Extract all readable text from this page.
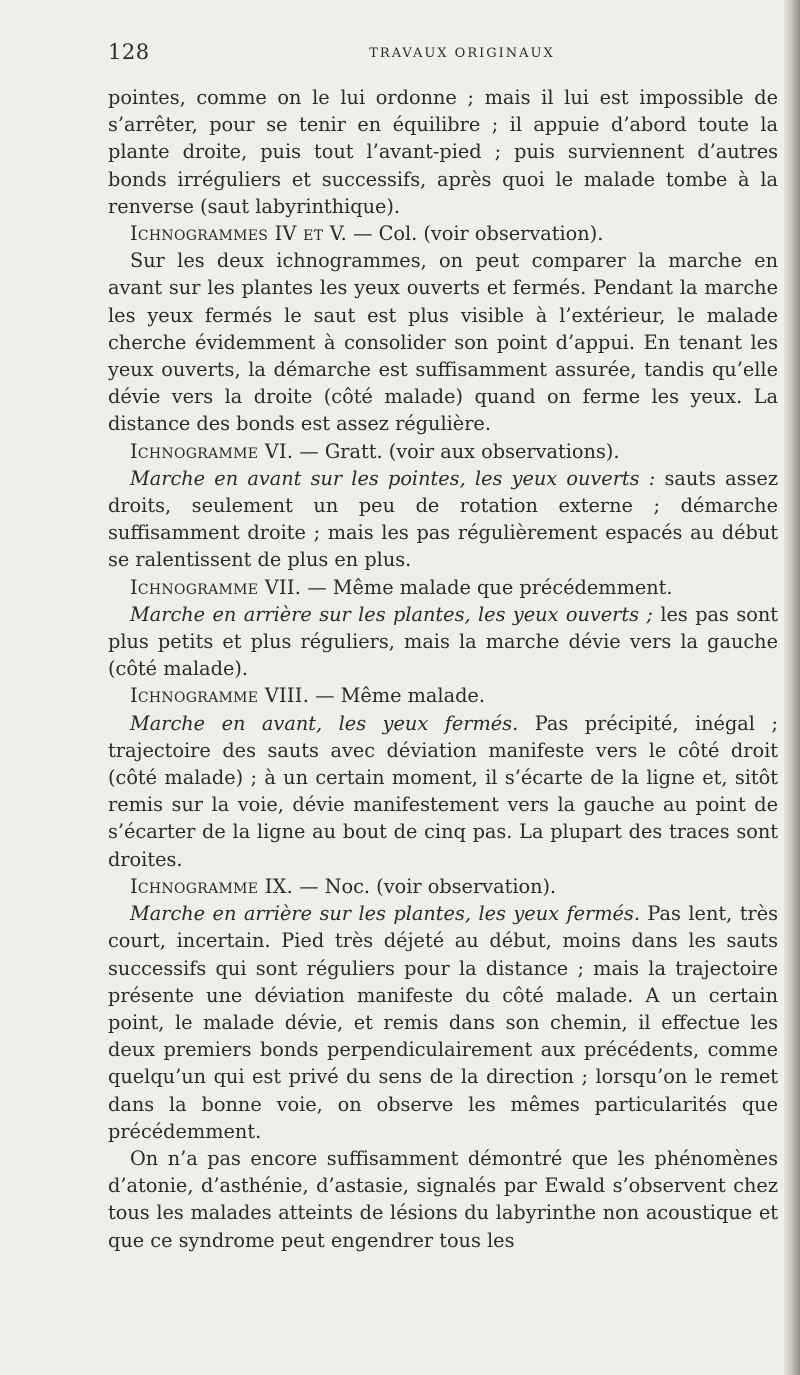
128	TRAVAUX ORIGINAUX

pointes, comme on le lui ordonne ; mais il lui est impossible de s’arrêter, pour se tenir en équilibre ; il appuie d’abord toute la plante droite, puis tout l’avant-pied ; puis surviennent d’autres bonds irréguliers et successifs, après quoi le malade tombe à la renverse (saut labyrinthique).

Ichnogrammes IV et V. — Col. (voir observation).

Sur les deux ichnogrammes, on peut comparer la marche en avant sur les plantes les yeux ouverts et fermés. Pendant la marche les yeux fermés le saut est plus visible à l’extérieur, le malade cherche évidemment à consolider son point d’appui. En tenant les yeux ouverts, la démarche est suffisamment assurée, tandis qu’elle dévie vers la droite (côté malade) quand on ferme les yeux. La distance des bonds est assez régulière.

Ichnogramme VI. — Gratt. (voir aux observations).

Marche en avant sur les pointes, les yeux ouverts : sauts assez droits, seulement un peu de rotation externe ; démarche suffisamment droite ; mais les pas régulièrement espacés au début se ralentissent de plus en plus.

Ichnogramme VII. — Même malade que précédemment.

Marche en arrière sur les plantes, les yeux ouverts ; les pas sont plus petits et plus réguliers, mais la marche dévie vers la gauche (côté malade).

Ichnogramme VIII. — Même malade.

Marche en avant, les yeux fermés. Pas précipité, inégal ; trajectoire des sauts avec déviation manifeste vers le côté droit (côté malade) ; à un certain moment, il s’écarte de la ligne et, sitôt remis sur la voie, dévie manifestement vers la gauche au point de s’écarter de la ligne au bout de cinq pas. La plupart des traces sont droites.

Ichnogramme IX. — Noc. (voir observation).

Marche en arrière sur les plantes, les yeux fermés. Pas lent, très court, incertain. Pied très déjeté au début, moins dans les sauts successifs qui sont réguliers pour la distance ; mais la trajectoire présente une déviation manifeste du côté malade. A un certain point, le malade dévie, et remis dans son chemin, il effectue les deux premiers bonds perpendiculairement aux précédents, comme quelqu’un qui est privé du sens de la direction ; lorsqu’on le remet dans la bonne voie, on observe les mêmes particularités que précédemment.

On n’a pas encore suffisamment démontré que les phénomènes d’atonie, d’asthénie, d’astasie, signalés par Ewald s’observent chez tous les malades atteints de lésions du labyrinthe non acoustique et que ce syndrome peut engendrer tous les
